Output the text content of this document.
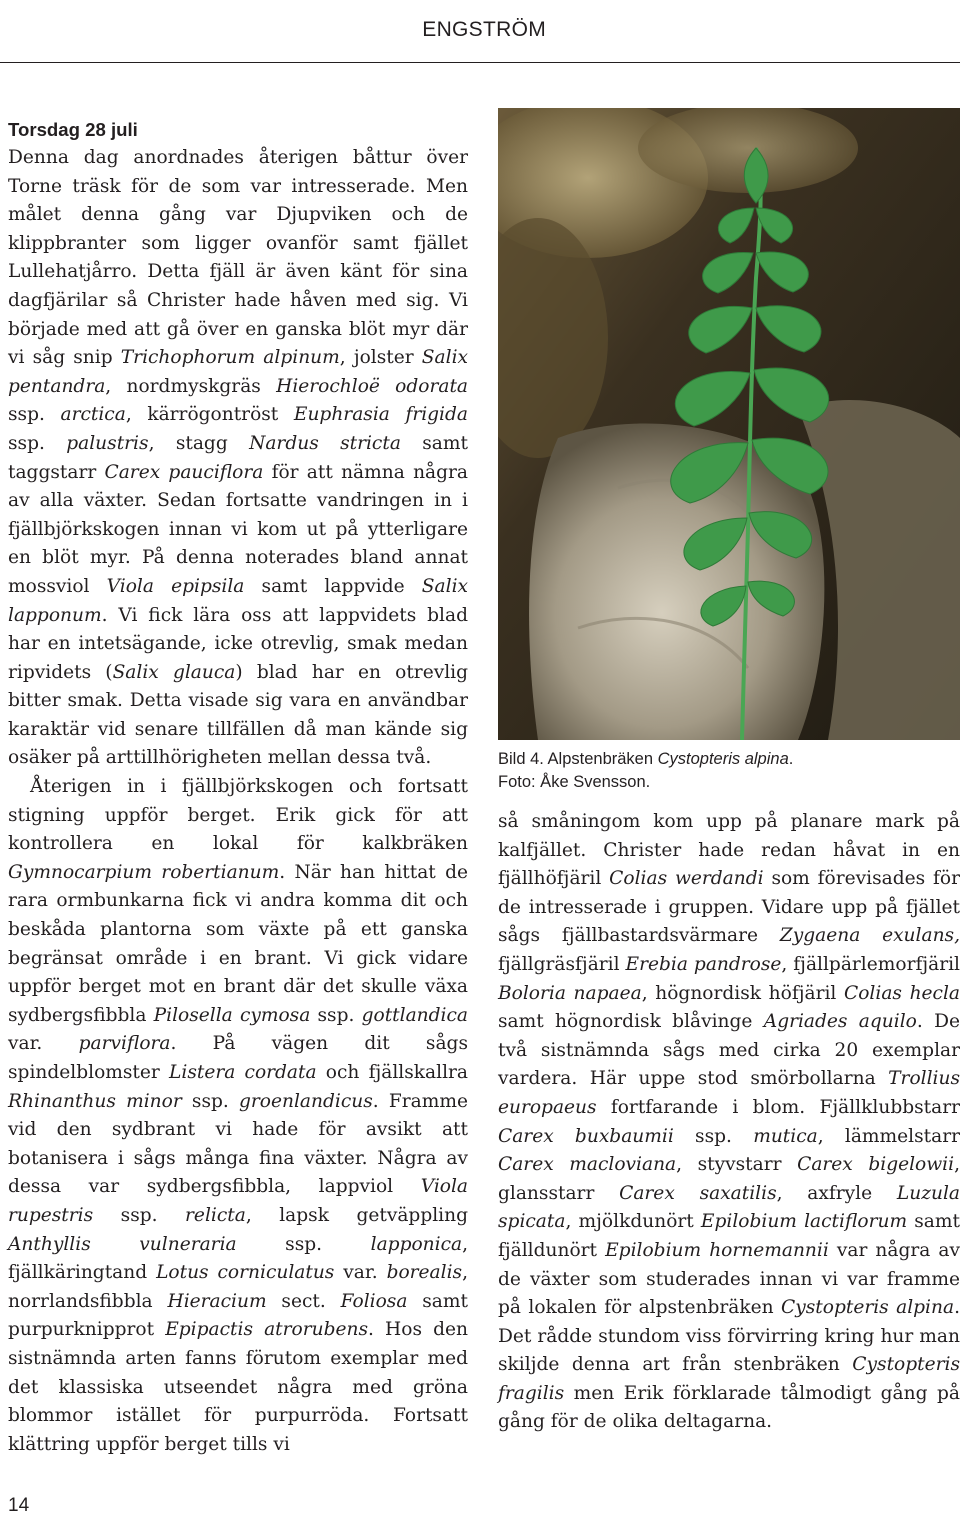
ENGSTRÖM
Torsdag 28 juli

Denna dag anordnades återigen båttur över Torne träsk för de som var intresserade. Men målet denna gång var Djupviken och de klippbranter som ligger ovanför samt fjället Lullehatjårro. Detta fjäll är även känt för sina dagfjärilar så Christer hade håven med sig. Vi började med att gå över en ganska blöt myr där vi såg snip Trichophorum alpinum, jolster Salix pentandra, nordmyskgräs Hierochloë odorata ssp. arctica, kärrögontröst Euphrasia frigida ssp. palustris, stagg Nardus stricta samt taggstarr Carex pauciflora för att nämna några av alla växter. Sedan fortsatte vandringen in i fjällbjörkskogen innan vi kom ut på ytterligare en blöt myr. På denna noterades bland annat mossviol Viola epipsila samt lappvide Salix lapponum. Vi fick lära oss att lappvidets blad har en intetsägande, icke otrevlig, smak medan ripvidets (Salix glauca) blad har en otrevlig bitter smak. Detta visade sig vara en användbar karaktär vid senare tillfällen då man kände sig osäker på arttillhörigheten mellan dessa två.

Återigen in i fjällbjörkskogen och fortsatt stigning uppför berget. Erik gick för att kontrollera en lokal för kalkbräken Gymnocarpium robertianum. När han hittat de rara ormbunkarna fick vi andra komma dit och beskåda plantorna som växte på ett ganska begränsat område i en brant. Vi gick vidare uppför berget mot en brant där det skulle växa sydbergsfibbla Pilosella cymosa ssp. gottlandica var. parviflora. På vägen dit sågs spindelblomster Listera cordata och fjällskallra Rhinanthus minor ssp. groenlandicus. Framme vid den sydbrant vi hade för avsikt att botanisera i sågs många fina växter. Några av dessa var sydbergsfibbla, lappviol Viola rupestris ssp. relicta, lapsk getväppling Anthyllis vulneraria ssp. lapponica, fjällkäringtand Lotus corniculatus var. borealis, norrlandsfibbla Hieracium sect. Foliosa samt purpurknipprot Epipactis atrorubens. Hos den sistnämnda arten fanns förutom exemplar med det klassiska utseendet några med gröna blommor istället för purpurröda. Fortsatt klättring uppför berget tills vi

Bild 4. Alpstenbräken Cystopteris alpina.
Foto: Åke Svensson.

så småningom kom upp på planare mark på kalfjället. Christer hade redan håvat in en fjällhöfjäril Colias werdandi som förevisades för de intresserade i gruppen. Vidare upp på fjället sågs fjällbastardsvärmare Zygaena exulans, fjällgräsfjäril Erebia pandrose, fjällpärlemorfjäril Boloria napaea, högnordisk höfjäril Colias hecla samt högnordisk blåvinge Agriades aquilo. De två sistnämnda sågs med cirka 20 exemplar vardera. Här uppe stod smörbollarna Trollius europaeus fortfarande i blom. Fjällklubbstarr Carex buxbaumii ssp. mutica, lämmelstarr Carex macloviana, styvstarr Carex bigelowii, glansstarr Carex saxatilis, axfryle Luzula spicata, mjölkdunört Epilobium lactiflorum samt fjälldunört Epilobium hornemannii var några av de växter som studerades innan vi var framme på lokalen för alpstenbräken Cystopteris alpina. Det rådde stundom viss förvirring kring hur man skiljde denna art från stenbräken Cystopteris fragilis men Erik förklarade tålmodigt gång på gång för de olika deltagarna.

14
